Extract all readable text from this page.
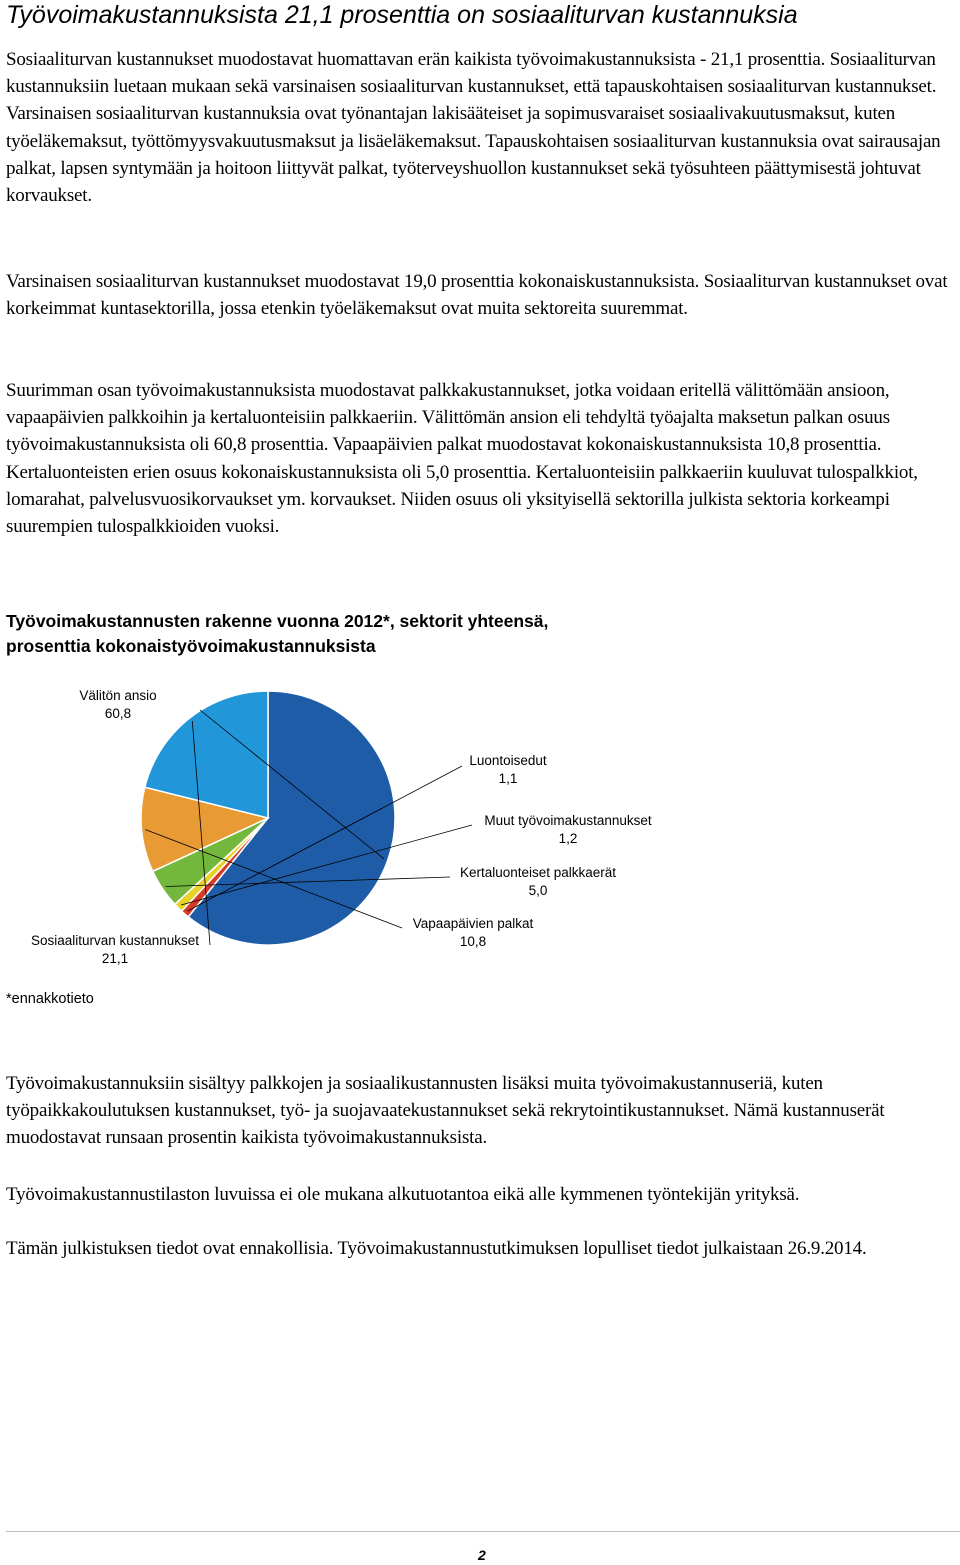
Työvoimakustannuksista 21,1 prosenttia on sosiaaliturvan kustannuksia

Sosiaaliturvan kustannukset muodostavat huomattavan erän kaikista työvoimakustannuksista - 21,1 prosenttia. Sosiaaliturvan kustannuksiin luetaan mukaan sekä varsinaisen sosiaaliturvan kustannukset, että tapauskohtaisen sosiaaliturvan kustannukset. Varsinaisen sosiaaliturvan kustannuksia ovat työnantajan lakisääteiset ja sopimusvaraiset sosiaalivakuutusmaksut, kuten työeläkemaksut, työttömyysvakuutusmaksut ja lisäeläkemaksut. Tapauskohtaisen sosiaaliturvan kustannuksia ovat sairausajan palkat, lapsen syntymään ja hoitoon liittyvät palkat, työterveyshuollon kustannukset sekä työsuhteen päättymisestä johtuvat korvaukset.

Varsinaisen sosiaaliturvan kustannukset muodostavat 19,0 prosenttia kokonaiskustannuksista. Sosiaaliturvan kustannukset ovat korkeimmat kuntasektorilla, jossa etenkin työeläkemaksut ovat muita sektoreita suuremmat.

Suurimman osan työvoimakustannuksista muodostavat palkkakustannukset, jotka voidaan eritellä välittömään ansioon, vapaapäivien palkkoihin ja kertaluonteisiin palkkaeriin. Välittömän ansion eli tehdyltä työajalta maksetun palkan osuus työvoimakustannuksista oli 60,8 prosenttia. Vapaapäivien palkat muodostavat kokonaiskustannuksista 10,8 prosenttia. Kertaluonteisten erien osuus kokonaiskustannuksista oli 5,0 prosenttia. Kertaluonteisiin palkkaeriin kuuluvat tulospalkkiot, lomarahat, palvelusvuosikorvaukset ym. korvaukset. Niiden osuus oli yksityisellä sektorilla julkista sektoria korkeampi suurempien tulospalkkioiden vuoksi.

Työvoimakustannusten rakenne vuonna 2012*, sektorit yhteensä,
prosenttia kokonaistyövoimakustannuksista
Välitön ansio
60,8
Luontoisedut
1,1
Muut työvoimakustannukset
1,2
Kertaluonteiset palkkaerät
5,0
Vapaapäivien palkat
10,8
Sosiaaliturvan kustannukset
21,1

*ennakkotieto

Työvoimakustannuksiin sisältyy palkkojen ja sosiaalikustannusten lisäksi muita työvoimakustannuseriä, kuten työpaikkakoulutuksen kustannukset, työ- ja suojavaatekustannukset sekä rekrytointikustannukset. Nämä kustannuserät muodostavat runsaan prosentin kaikista työvoimakustannuksista.

Työvoimakustannustilaston luvuissa ei ole mukana alkutuotantoa eikä alle kymmenen työntekijän yrityksä.

Tämän julkistuksen tiedot ovat ennakollisia. Työvoimakustannustutkimuksen lopulliset tiedot julkaistaan 26.9.2014.

2
